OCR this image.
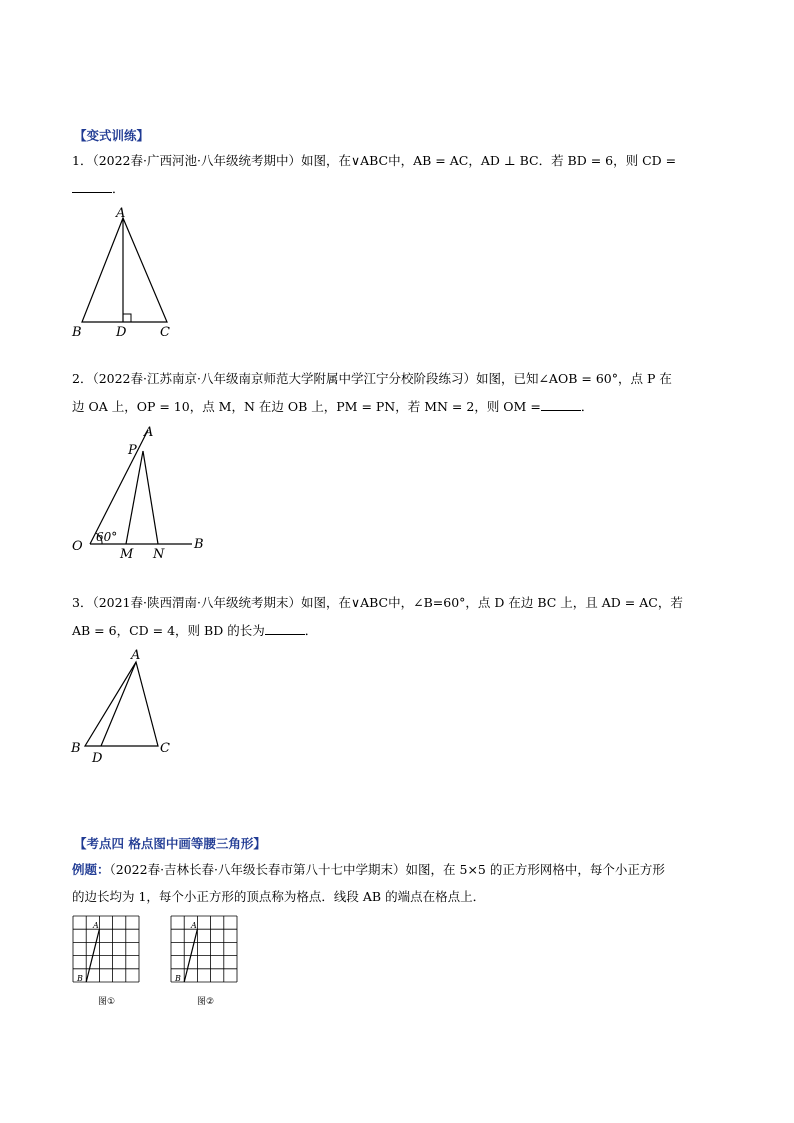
【变式训练】
1．（2022春·广西河池·八年级统考期中）如图，在∨ABC中，AB = AC，AD ⊥ BC．若 BD = 6，则 CD =
．
A
B	D	C
2．（2022春·江苏南京·八年级南京师范大学附属中学江宁分校阶段练习）如图，已知∠AOB = 60°，点 P 在
边 OA 上，OP = 10，点 M，N 在边 OB 上，PM = PN，若 MN = 2，则 OM =	．
A
P
60°
O
M N
B
3．（2021春·陕西渭南·八年级统考期末）如图，在∨ABC中，∠B=60°，点 D 在边 BC 上，且 AD = AC，若
AB = 6，CD = 4，则 BD 的长为	．
A
B
D
C
【考点四 格点图中画等腰三角形】
例题：（2022春·吉林长春·八年级长春市第八十七中学期末）如图，在 5×5 的正方形网格中，每个小正方形
的边长均为 1，每个小正方形的顶点称为格点．线段 AB 的端点在格点上．
A
B
图①
A
B
图②
